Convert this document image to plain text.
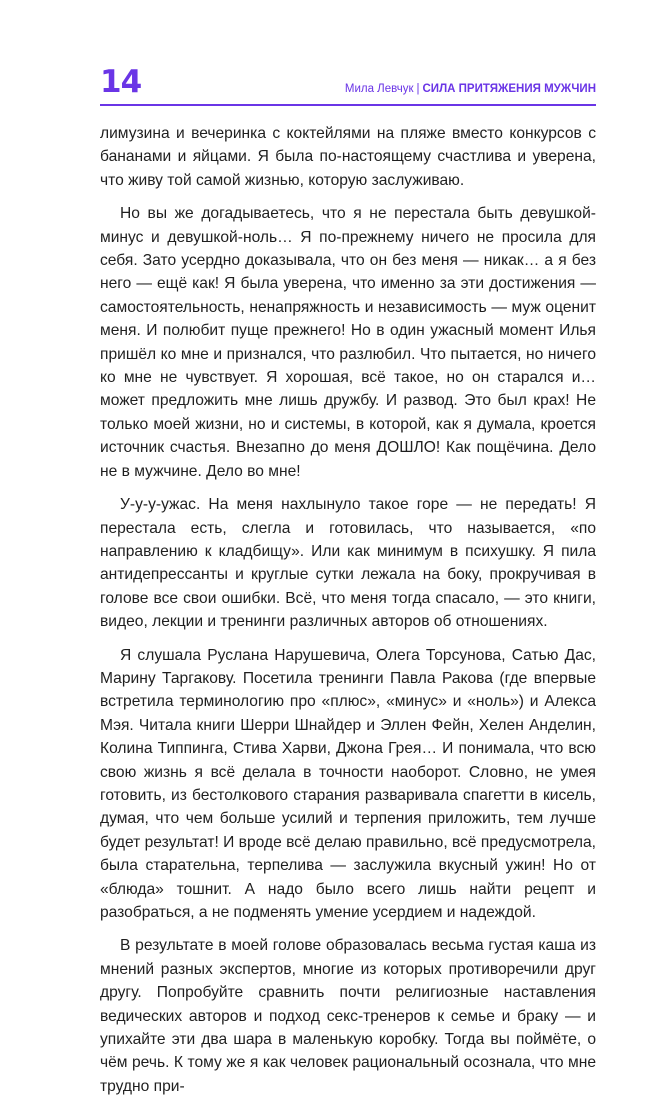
14	Мила Левчук | СИЛА ПРИТЯЖЕНИЯ МУЖЧИН

лимузина и вечеринка с коктейлями на пляже вместо конкурсов с бананами и яйцами. Я была по-настоящему счастлива и уверена, что живу той самой жизнью, которую заслуживаю.

Но вы же догадываетесь, что я не перестала быть девушкой-минус и девушкой-ноль… Я по-прежнему ничего не просила для себя. Зато усердно доказывала, что он без меня — никак… а я без него — ещё как! Я была уверена, что именно за эти достижения — самостоятельность, ненапряжность и независимость — муж оценит меня. И полюбит пуще прежнего! Но в один ужасный момент Илья пришёл ко мне и признался, что разлюбил. Что пытается, но ничего ко мне не чувствует. Я хорошая, всё такое, но он старался и… может предложить мне лишь дружбу. И развод. Это был крах! Не только моей жизни, но и системы, в которой, как я думала, кроется источник счастья. Внезапно до меня ДОШЛО! Как пощёчина. Дело не в мужчине. Дело во мне!

У-у-у-ужас. На меня нахлынуло такое горе — не передать! Я перестала есть, слегла и готовилась, что называется, «по направлению к кладбищу». Или как минимум в психушку. Я пила антидепрессанты и круглые сутки лежала на боку, прокручивая в голове все свои ошибки. Всё, что меня тогда спасало, — это книги, видео, лекции и тренинги различных авторов об отношениях.

Я слушала Руслана Нарушевича, Олега Торсунова, Сатью Дас, Марину Таргакову. Посетила тренинги Павла Ракова (где впервые встретила терминологию про «плюс», «минус» и «ноль») и Алекса Мэя. Читала книги Шерри Шнайдер и Эллен Фейн, Хелен Анделин, Колина Типпинга, Стива Харви, Джона Грея… И понимала, что всю свою жизнь я всё делала в точности наоборот. Словно, не умея готовить, из бестолкового старания разваривала спагетти в кисель, думая, что чем больше усилий и терпения приложить, тем лучше будет результат! И вроде всё делаю правильно, всё предусмотрела, была старательна, терпелива — заслужила вкусный ужин! Но от «блюда» тошнит. А надо было всего лишь найти рецепт и разобраться, а не подменять умение усердием и надеждой.

В результате в моей голове образовалась весьма густая каша из мнений разных экспертов, многие из которых противоречили друг другу. Попробуйте сравнить почти религиозные наставления ведических авторов и подход секс-тренеров к семье и браку — и упихайте эти два шара в маленькую коробку. Тогда вы поймёте, о чём речь. К тому же я как человек рациональный осознала, что мне трудно при-
